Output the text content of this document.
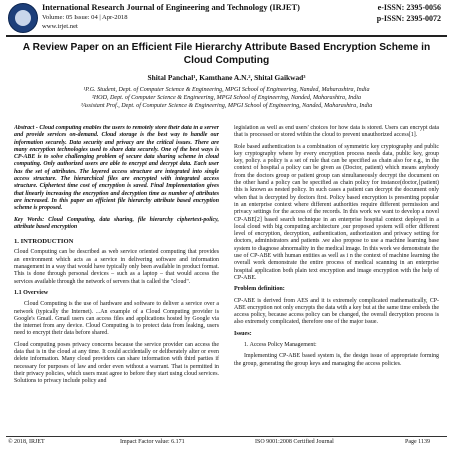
International Research Journal of Engineering and Technology (IRJET)
Volume: 05 Issue: 04 | Apr-2018
www.irjet.net
e-ISSN: 2395-0056
p-ISSN: 2395-0072
A Review Paper on an Efficient File Hierarchy Attribute Based Encryption Scheme in Cloud Computing
Shital Panchal¹, Kamthane A.N.², Shital Gaikwad³
¹P.G. Student, Dept. of Computer Science & Engineering, MPGI School of Engineering, Nanded, Maharashtra, India
²HOD, Dept. of Computer Science & Engineering, MPGI School of Engineering, Nanded, Maharashtra, India
³Assistant Prof., Dept. of Computer Science & Engineering, MPGI School of Engineering, Nanded, Maharashtra, India

Abstract - Cloud computing enables the users to remotely store their data in a server and provide services on-demand. Cloud storage is the best way to handle our information securely. Data security and privacy are the critical issues. There are many encryption technologies used to share data securely. One of the best ways is CP-ABE is to solve challenging problem of secure data sharing scheme in cloud computing. Only authorized users are able to encrypt and decrypt data. Each user has the set of attributes. The layered access structure are integrated into single access structure. The hierarchical files are encrypted with integrated access structure. Ciphertext time cost of encryption is saved. Final Implementation gives that linearly increasing the encryption and decryption time as number of attributes are increased. In this paper an efficient file hierarchy attribute based encryption scheme is proposed.

Key Words: Cloud Computing, data sharing, file hierarchy ciphertext-policy, attribute based encryption

1. INTRODUCTION

Cloud Computing can be described as web service oriented computing that provides an environment which acts as a service in delivering software and information management in a way that would have typically only been available in product format. This is done through personal devices – such as a laptop – that would access the services available through the network of servers that is called the "cloud".

1.1 Overview

Cloud Computing is the use of hardware and software to deliver a service over a network (typically the Internet). ...An example of a Cloud Computing provider is Google's Gmail. Gmail users can access files and applications hosted by Google via the internet from any device. Cloud Computing is to protect data from leaking, users need to encrypt their data before shared.

Cloud computing poses privacy concerns because the service provider can access the data that is in the cloud at any time. It could accidentally or deliberately alter or even delete information. Many cloud providers can share information with third parties if necessary for purposes of law and order even without a warrant. That is permitted in their privacy policies, which users must agree to before they start using cloud services. Solutions to privacy include policy and

legislation as well as end users' choices for how data is stored. Users can encrypt data that is processed or stored within the cloud to prevent unauthorized access[1].

Role based authentication is a combination of symmetric key cryptography and public key cryptography where by every encryption process needs data, public key, group key, policy. a policy is a set of rule that can be specified as chain also for e.g., in the context of hospital a policy can be given as (Doctor, patient) which means anybody from the doctors group or patient group can simultaneously decrypt the document on the other hand a policy can be specified as chain policy for instance(doctor,{patient) this is known as nested policy. In such cases a patient can decrypt the document only when that is decrypted by doctors first. Policy based encryption is presenting popular in an enterprise context where different authorities require different permission and privacy settings for the access of the records. In this work we want to develop a novel CP-ABE[2] based search technique in an enterprise hospital context deployed in a local cloud with big computing architecture ,our proposed system will offer different level of encryption, decryption, authentication, authorization and privacy setting for doctors, administrators and patients .we also propose to use a machine learning base system to diagnose abnormality in the medical image. In this work we demonstrate the use of CP-ABE with human entities as well as i n the context of machine learning the overall work demonstrate the entire process of medical scanning in an enterprise hospital application both plain text encryption and image encryption with the help of CP-ABE.

Problem definition:

CP-ABE is derived from AES and it is extremely complicated mathematically, CP-ABE encryption not only encrypts the data with a key but at the same time embeds the access policy, because access policy can be changed, the overall decryption process is also extremely complicated, therefore one of the major issue.

Issues:

1. Access Policy Management:

Implementing CP-ABE based system is, the design issue of appropriate forming the group, generating the group keys and managing the access policies.

© 2018, IRJET	Impact Factor value: 6.171	ISO 9001:2008 Certified Journal	Page 1139
